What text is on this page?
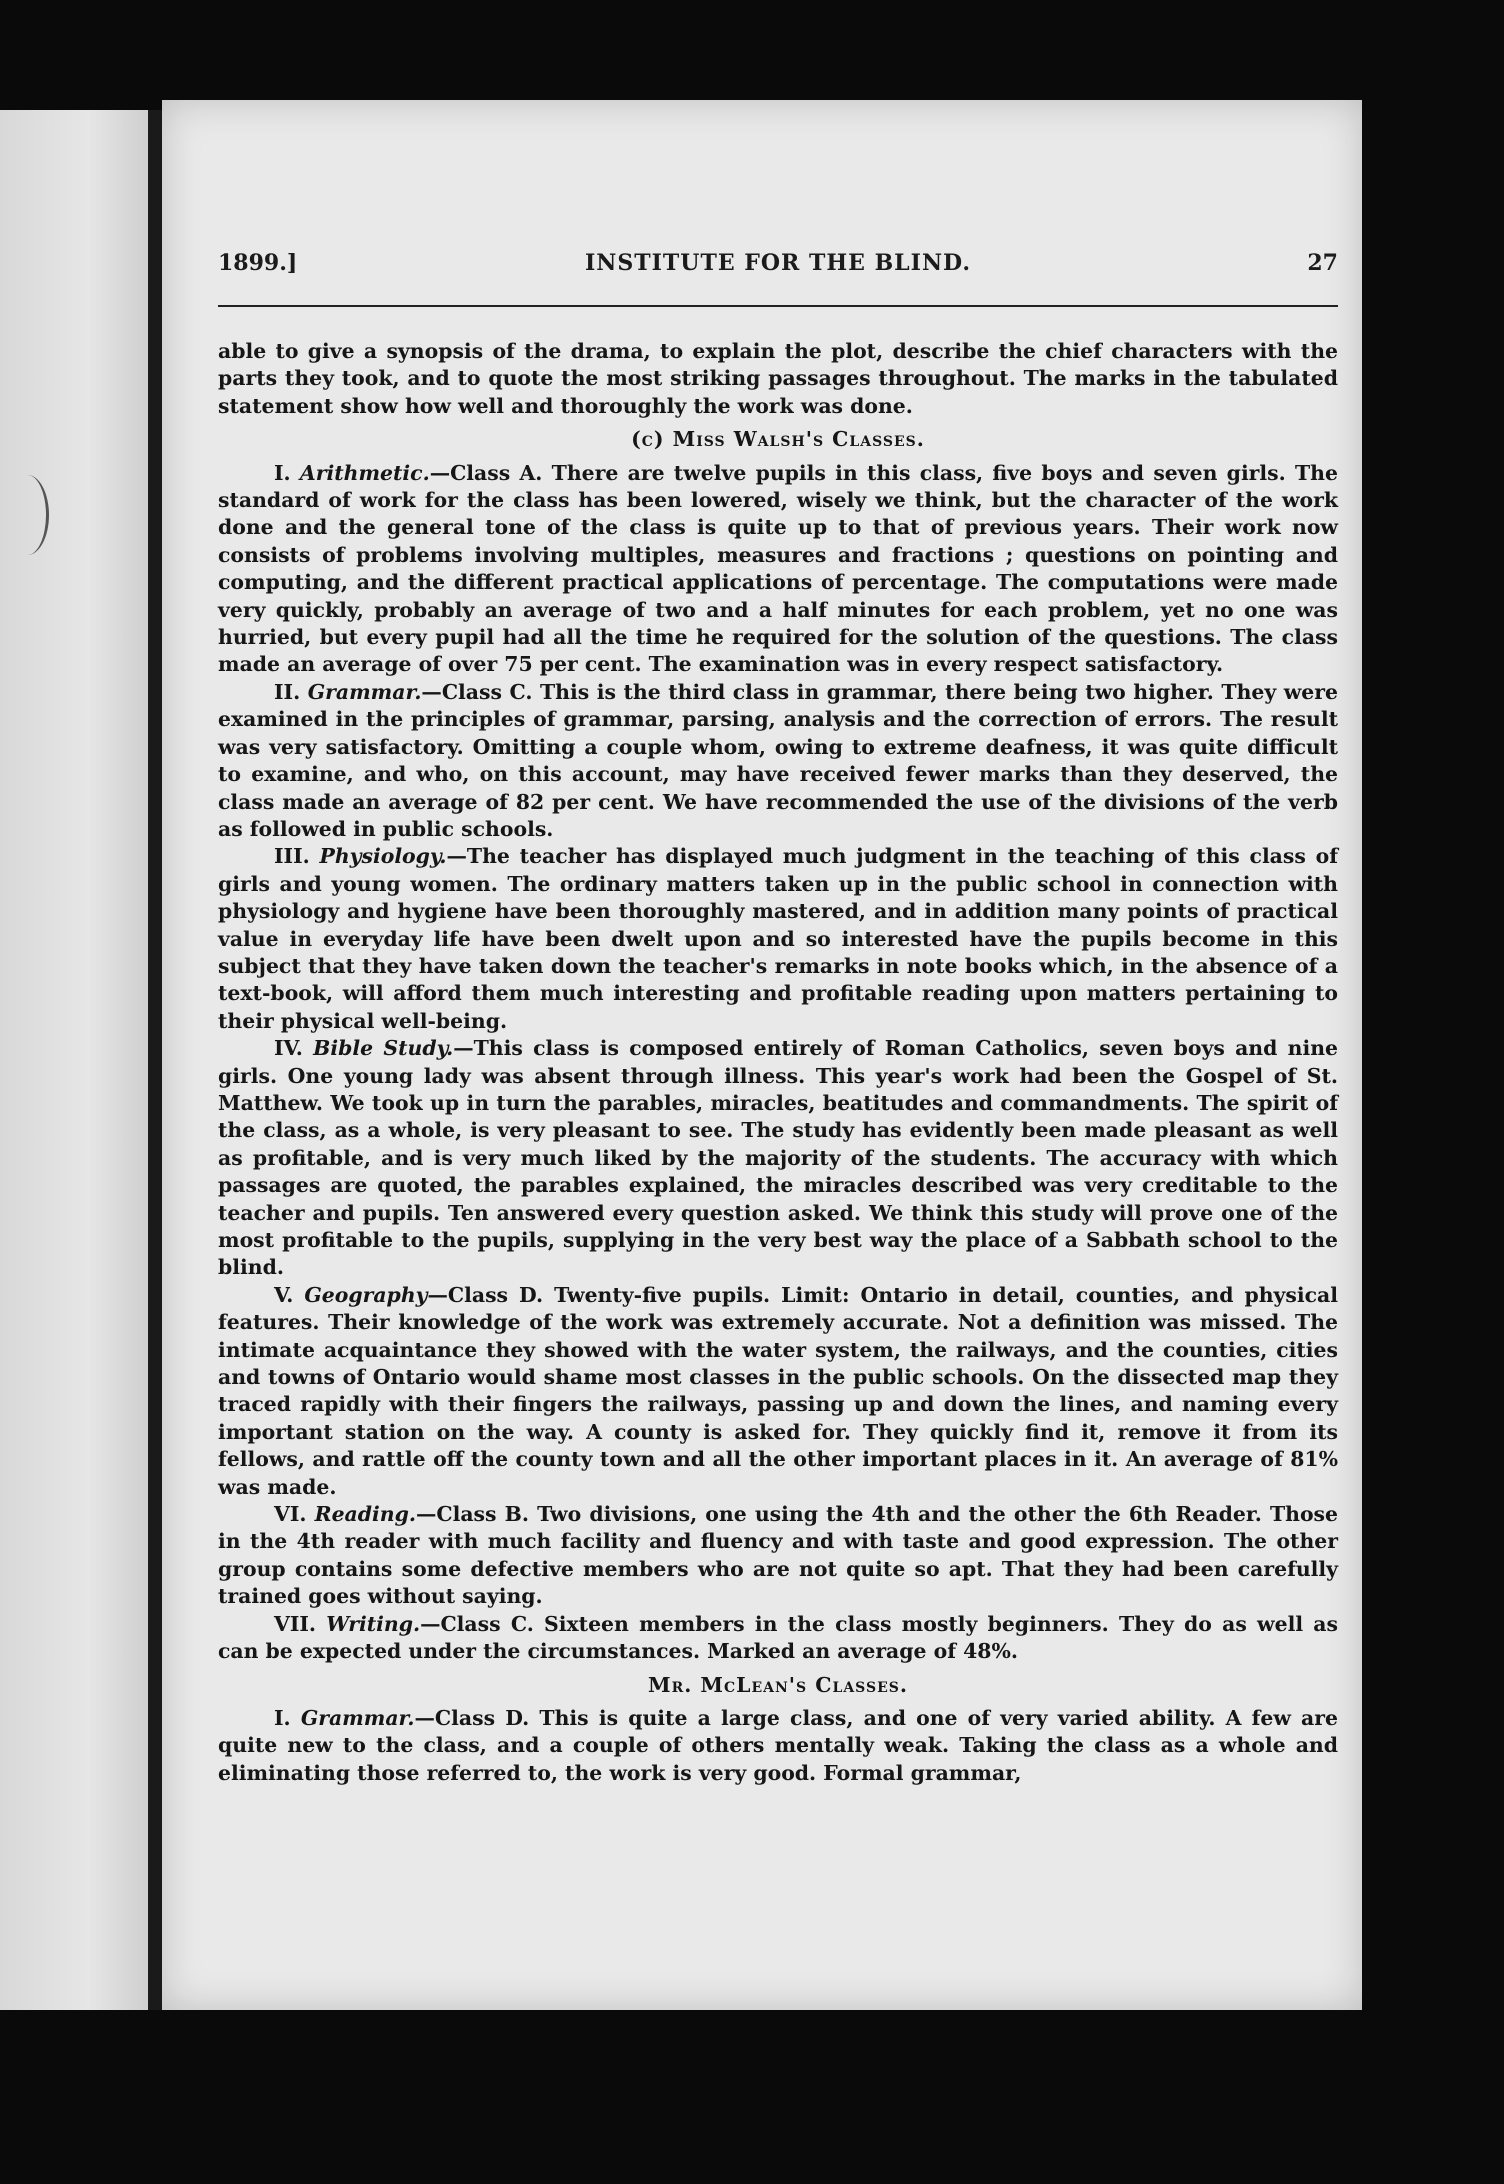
1899.]	INSTITUTE FOR THE BLIND.	27

able to give a synopsis of the drama, to explain the plot, describe the chief characters with the parts they took, and to quote the most striking passages throughout. The marks in the tabulated statement show how well and thoroughly the work was done.

(c) Miss Walsh's Classes.

I. Arithmetic.—Class A. There are twelve pupils in this class, five boys and seven girls. The standard of work for the class has been lowered, wisely we think, but the character of the work done and the general tone of the class is quite up to that of previous years. Their work now consists of problems involving multiples, measures and fractions ; questions on pointing and computing, and the different practical applications of percentage. The computations were made very quickly, probably an average of two and a half minutes for each problem, yet no one was hurried, but every pupil had all the time he required for the solution of the questions. The class made an average of over 75 per cent. The examination was in every respect satisfactory.

II. Grammar.—Class C. This is the third class in grammar, there being two higher. They were examined in the principles of grammar, parsing, analysis and the correction of errors. The result was very satisfactory. Omitting a couple whom, owing to extreme deafness, it was quite difficult to examine, and who, on this account, may have received fewer marks than they deserved, the class made an average of 82 per cent. We have recommended the use of the divisions of the verb as followed in public schools.

III. Physiology.—The teacher has displayed much judgment in the teaching of this class of girls and young women. The ordinary matters taken up in the public school in connection with physiology and hygiene have been thoroughly mastered, and in addition many points of practical value in everyday life have been dwelt upon and so interested have the pupils become in this subject that they have taken down the teacher's remarks in note books which, in the absence of a text-book, will afford them much interesting and profitable reading upon matters pertaining to their physical well-being.

IV. Bible Study.—This class is composed entirely of Roman Catholics, seven boys and nine girls. One young lady was absent through illness. This year's work had been the Gospel of St. Matthew. We took up in turn the parables, miracles, beatitudes and commandments. The spirit of the class, as a whole, is very pleasant to see. The study has evidently been made pleasant as well as profitable, and is very much liked by the majority of the students. The accuracy with which passages are quoted, the parables explained, the miracles described was very creditable to the teacher and pupils. Ten answered every question asked. We think this study will prove one of the most profitable to the pupils, supplying in the very best way the place of a Sabbath school to the blind.

V. Geography—Class D. Twenty-five pupils. Limit: Ontario in detail, counties, and physical features. Their knowledge of the work was extremely accurate. Not a definition was missed. The intimate acquaintance they showed with the water system, the railways, and the counties, cities and towns of Ontario would shame most classes in the public schools. On the dissected map they traced rapidly with their fingers the railways, passing up and down the lines, and naming every important station on the way. A county is asked for. They quickly find it, remove it from its fellows, and rattle off the county town and all the other important places in it. An average of 81% was made.

VI. Reading.—Class B. Two divisions, one using the 4th and the other the 6th Reader. Those in the 4th reader with much facility and fluency and with taste and good expression. The other group contains some defective members who are not quite so apt. That they had been carefully trained goes without saying.

VII. Writing.—Class C. Sixteen members in the class mostly beginners. They do as well as can be expected under the circumstances. Marked an average of 48%.

Mr. McLean's Classes.

I. Grammar.—Class D. This is quite a large class, and one of very varied ability. A few are quite new to the class, and a couple of others mentally weak. Taking the class as a whole and eliminating those referred to, the work is very good. Formal grammar,
